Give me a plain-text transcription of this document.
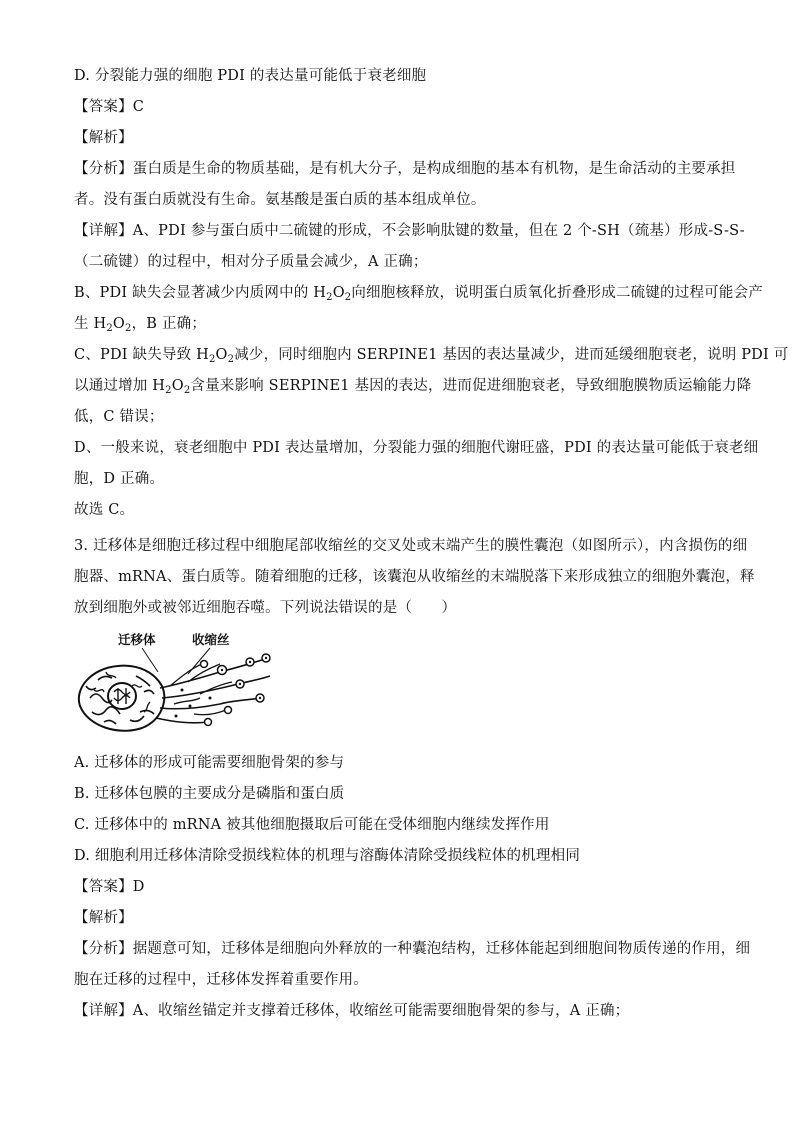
D. 分裂能力强的细胞 PDI 的表达量可能低于衰老细胞
【答案】C
【解析】
【分析】蛋白质是生命的物质基础，是有机大分子，是构成细胞的基本有机物，是生命活动的主要承担
者。没有蛋白质就没有生命。氨基酸是蛋白质的基本组成单位。
【详解】A、PDI 参与蛋白质中二硫键的形成，不会影响肽键的数量，但在 2 个-SH（巯基）形成-S-S-
（二硫键）的过程中，相对分子质量会减少，A 正确；
B、PDI 缺失会显著减少内质网中的 $H_2O_2$向细胞核释放，说明蛋白质氧化折叠形成二硫键的过程可能会产
生 $H_2O_2$，B 正确；
C、PDI 缺失导致 $H_2O_2$减少，同时细胞内 SERPINE1 基因的表达量减少，进而延缓细胞衰老，说明 PDI 可
以通过增加 $H_2O_2$含量来影响 SERPINE1 基因的表达，进而促进细胞衰老，导致细胞膜物质运输能力降
低，C 错误；
D、一般来说，衰老细胞中 PDI 表达量增加，分裂能力强的细胞代谢旺盛，PDI 的表达量可能低于衰老细
胞，D 正确。
故选 C。
3. 迁移体是细胞迁移过程中细胞尾部收缩丝的交叉处或末端产生的膜性囊泡（如图所示），内含损伤的细
胞器、mRNA、蛋白质等。随着细胞的迁移，该囊泡从收缩丝的末端脱落下来形成独立的细胞外囊泡，释
放到细胞外或被邻近细胞吞噬。下列说法错误的是（　　）
迁移体	收缩丝
A. 迁移体的形成可能需要细胞骨架的参与
B. 迁移体包膜的主要成分是磷脂和蛋白质
C. 迁移体中的 mRNA 被其他细胞摄取后可能在受体细胞内继续发挥作用
D. 细胞利用迁移体清除受损线粒体的机理与溶酶体清除受损线粒体的机理相同
【答案】D
【解析】
【分析】据题意可知，迁移体是细胞向外释放的一种囊泡结构，迁移体能起到细胞间物质传递的作用，细
胞在迁移的过程中，迁移体发挥着重要作用。
【详解】A、收缩丝锚定并支撑着迁移体，收缩丝可能需要细胞骨架的参与，A 正确；
